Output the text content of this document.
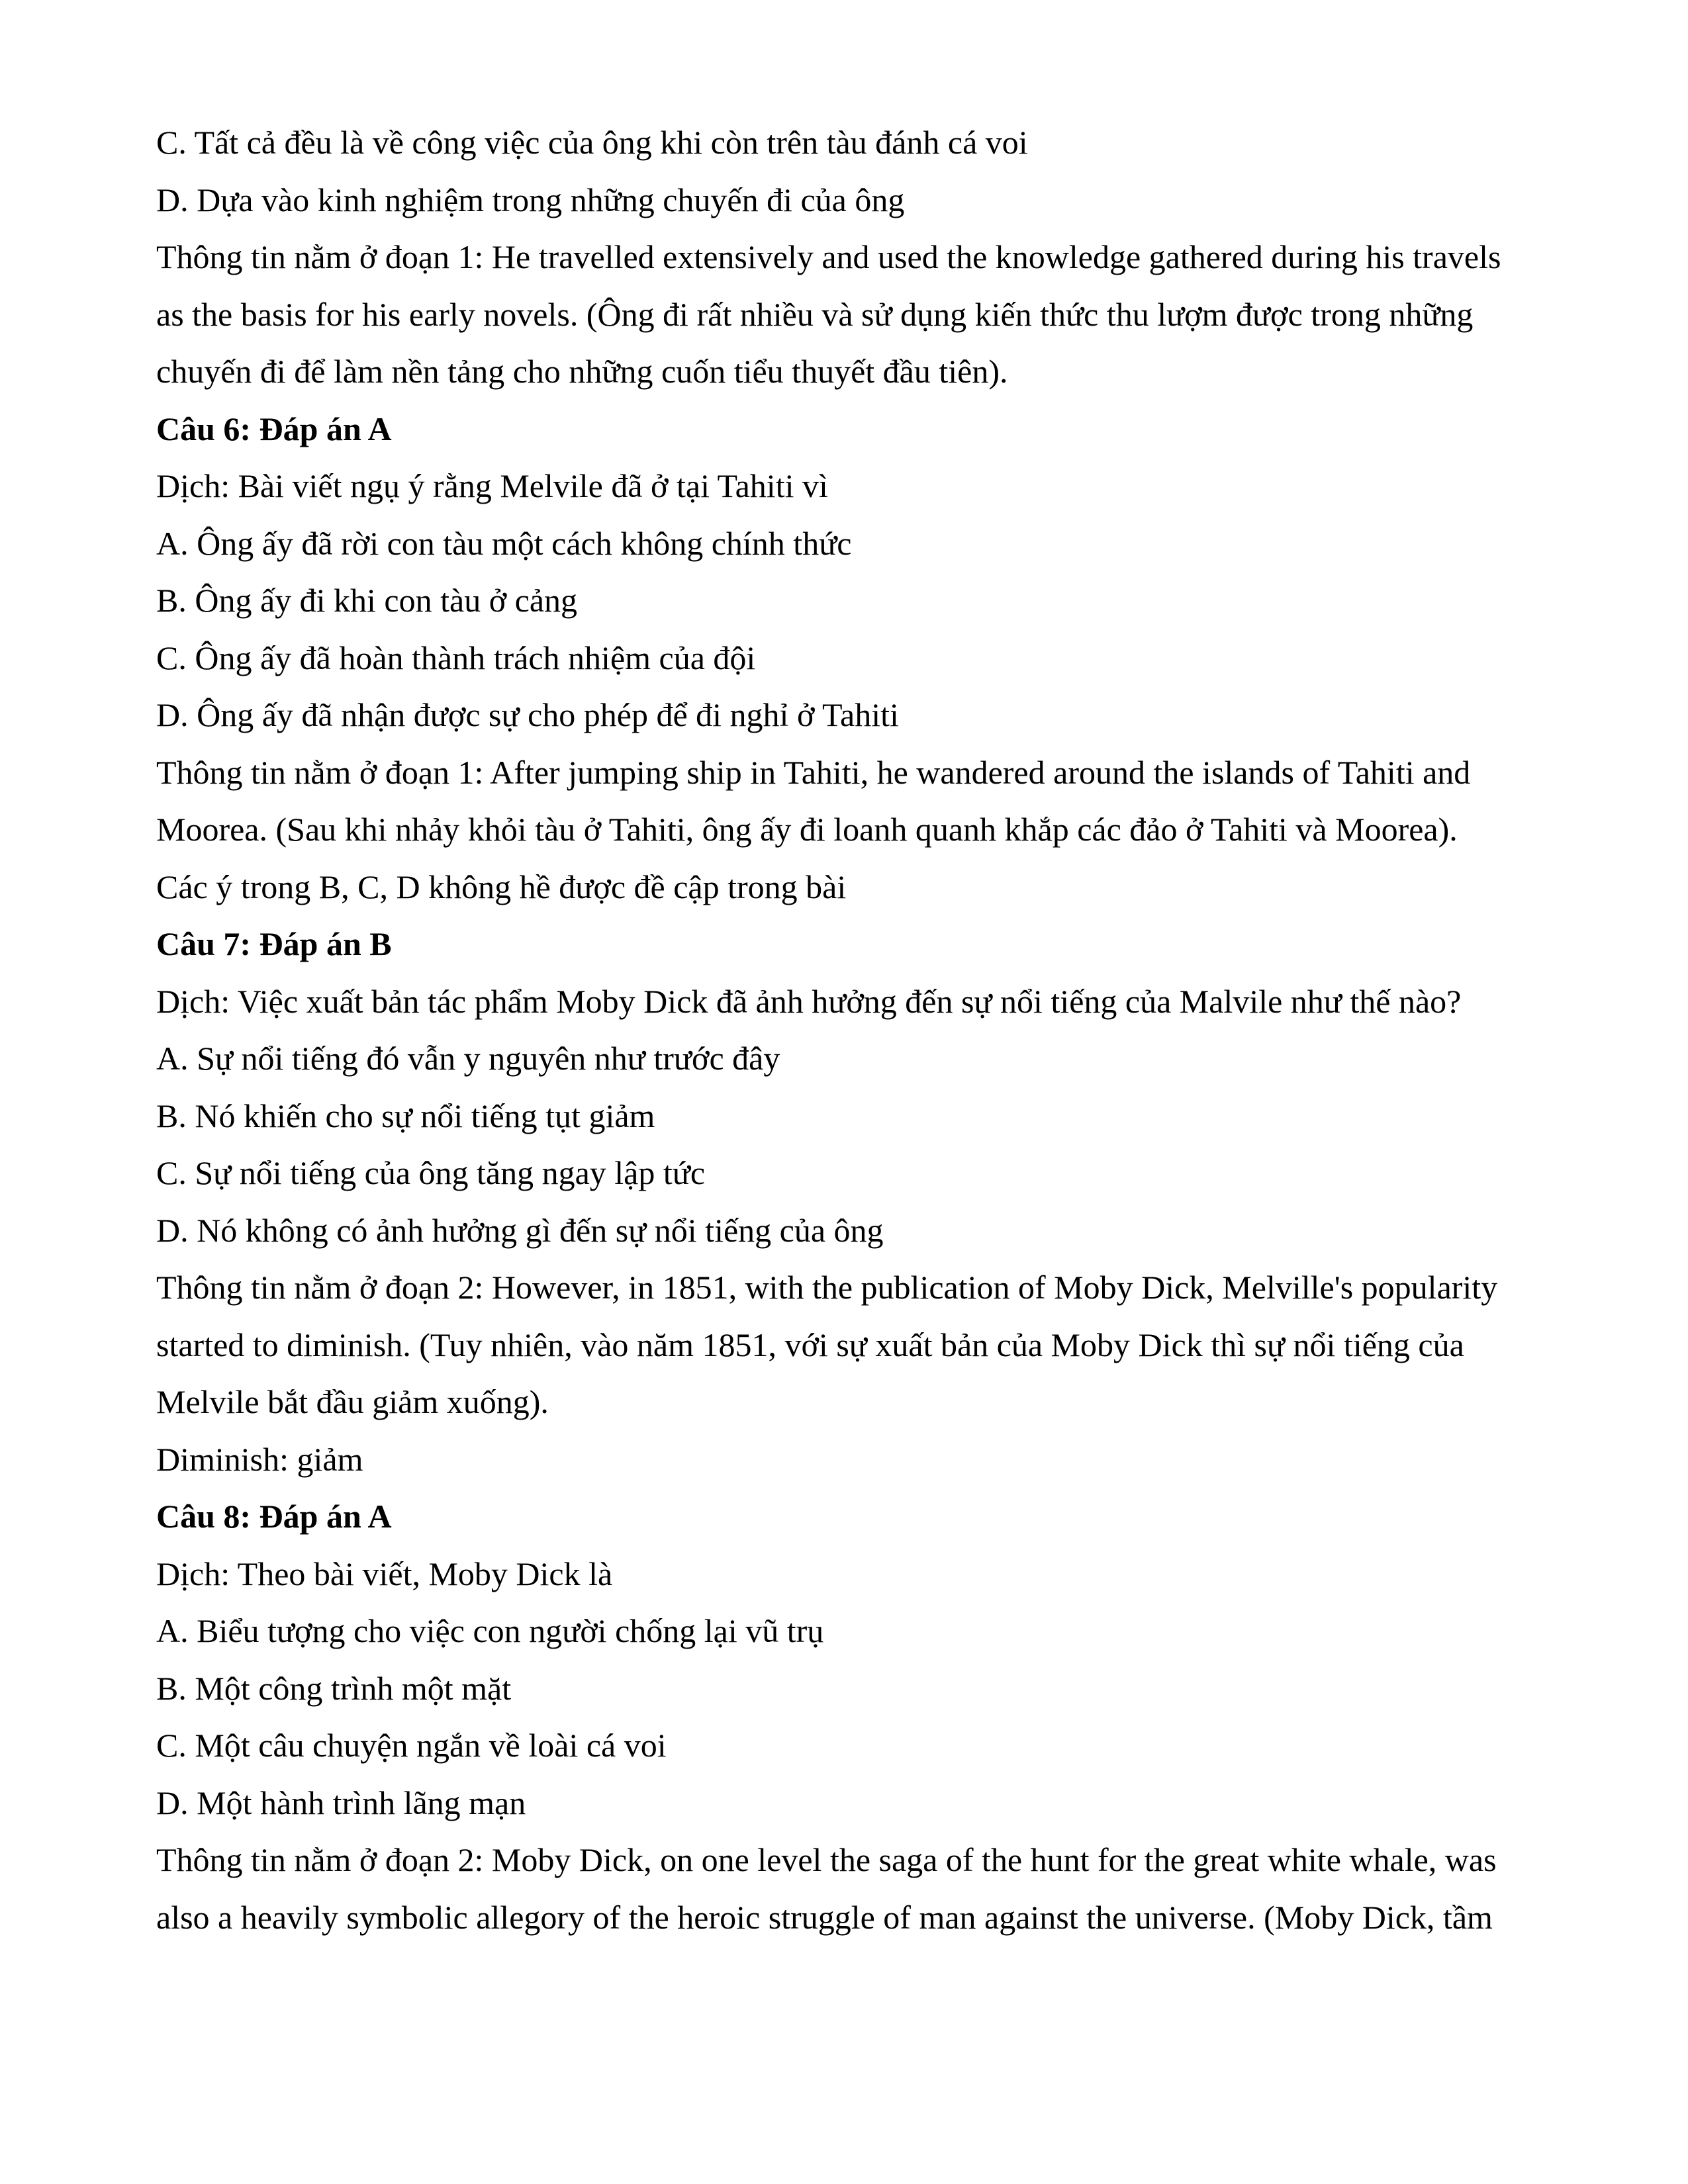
C. Tất cả đều là về công việc của ông khi còn trên tàu đánh cá voi
D. Dựa vào kinh nghiệm trong những chuyến đi của ông
Thông tin nằm ở đoạn 1: He travelled extensively and used the knowledge gathered during his travels
as the basis for his early novels. (Ông đi rất nhiều và sử dụng kiến thức thu lượm được trong những
chuyến đi để làm nền tảng cho những cuốn tiểu thuyết đầu tiên).
Câu 6: Đáp án A
Dịch: Bài viết ngụ ý rằng Melvile đã ở tại Tahiti vì
A. Ông ấy đã rời con tàu một cách không chính thức
B. Ông ấy đi khi con tàu ở cảng
C. Ông ấy đã hoàn thành trách nhiệm của đội
D. Ông ấy đã nhận được sự cho phép để đi nghỉ ở Tahiti
Thông tin nằm ở đoạn 1: After jumping ship in Tahiti, he wandered around the islands of Tahiti and
Moorea. (Sau khi nhảy khỏi tàu ở Tahiti, ông ấy đi loanh quanh khắp các đảo ở Tahiti và Moorea).
Các ý trong B, C, D không hề được đề cập trong bài
Câu 7: Đáp án B
Dịch: Việc xuất bản tác phẩm Moby Dick đã ảnh hưởng đến sự nổi tiếng của Malvile như thế nào?
A. Sự nổi tiếng đó vẫn y nguyên như trước đây
B. Nó khiến cho sự nổi tiếng tụt giảm
C. Sự nổi tiếng của ông tăng ngay lập tức
D. Nó không có ảnh hưởng gì đến sự nổi tiếng của ông
Thông tin nằm ở đoạn 2: However, in 1851, with the publication of Moby Dick, Melville's popularity
started to diminish. (Tuy nhiên, vào năm 1851, với sự xuất bản của Moby Dick thì sự nổi tiếng của
Melvile bắt đầu giảm xuống).
Diminish: giảm
Câu 8: Đáp án A
Dịch: Theo bài viết, Moby Dick là
A. Biểu tượng cho việc con người chống lại vũ trụ
B. Một công trình một mặt
C. Một câu chuyện ngắn về loài cá voi
D. Một hành trình lãng mạn
Thông tin nằm ở đoạn 2: Moby Dick, on one level the saga of the hunt for the great white whale, was
also a heavily symbolic allegory of the heroic struggle of man against the universe. (Moby Dick, tầm
